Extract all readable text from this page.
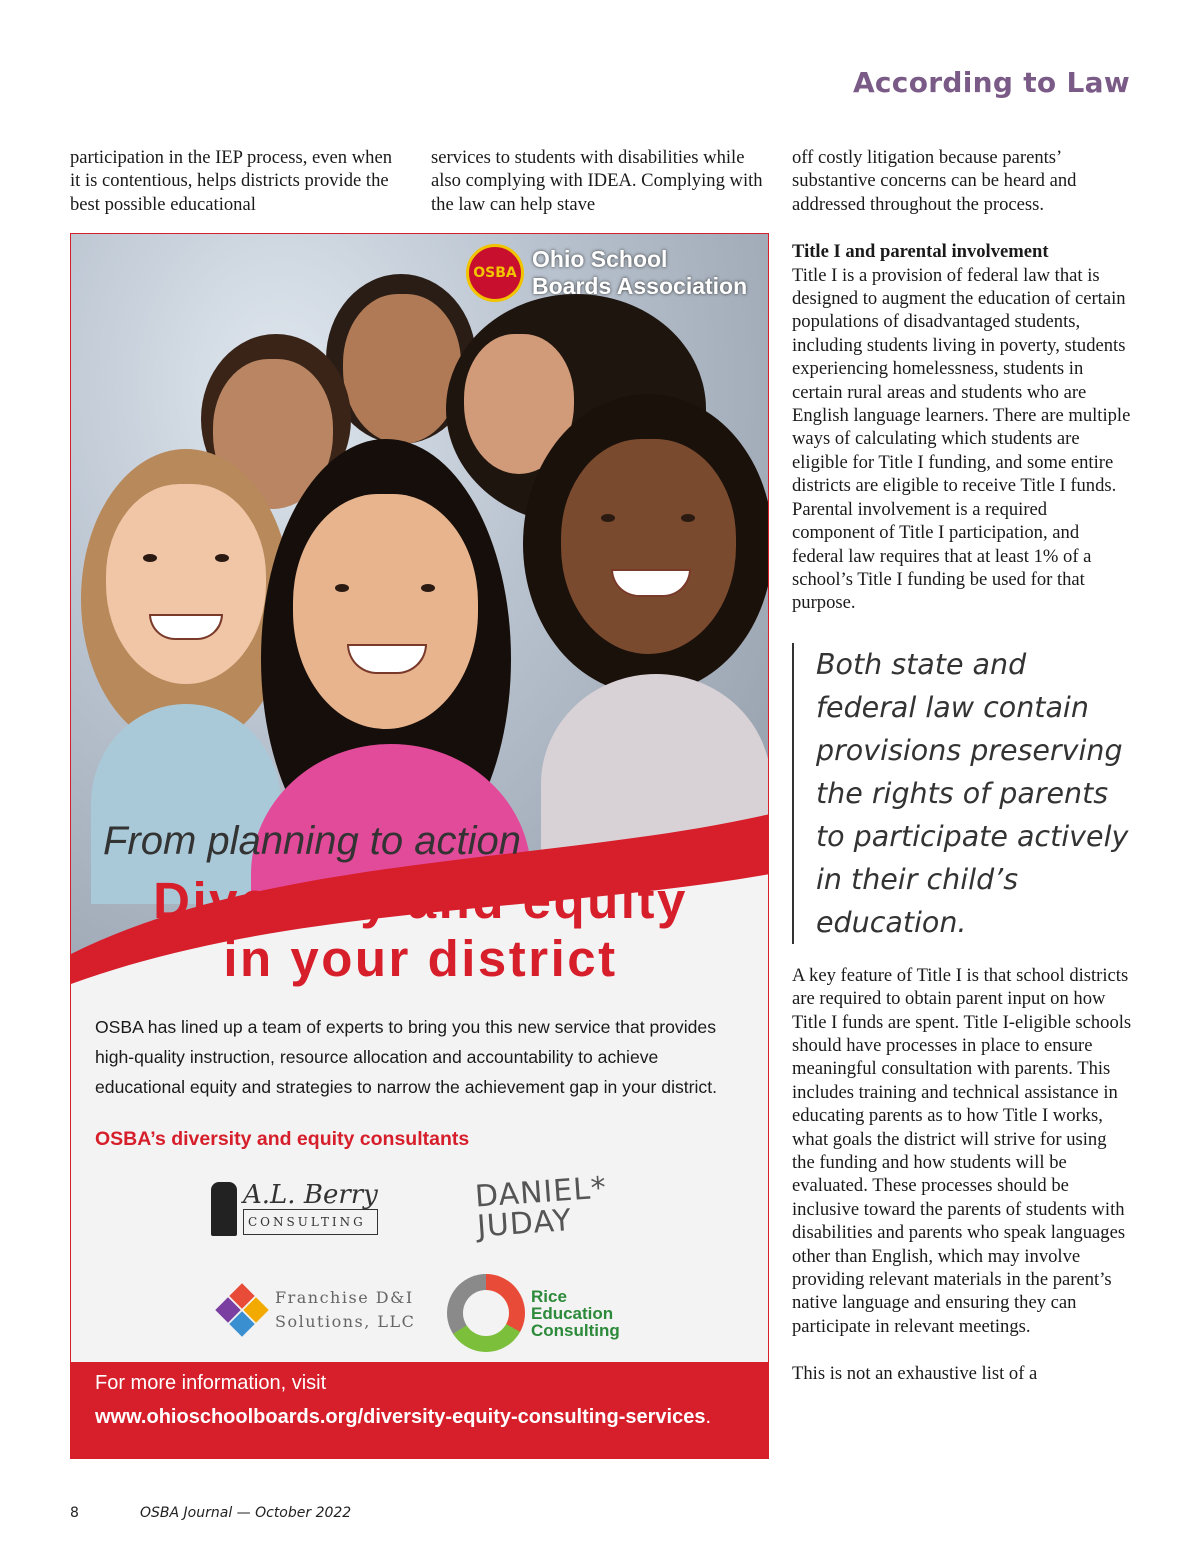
According to Law

participation in the IEP process, even when it is contentious, helps districts provide the best possible educational

services to students with disabilities while also complying with IDEA. Complying with the law can help stave

off costly litigation because parents’ substantive concerns can be heard and addressed throughout the process.

Title I and parental involvement

Title I is a provision of federal law that is designed to augment the education of certain populations of disadvantaged students, including students living in poverty, students experiencing homelessness, students in certain rural areas and students who are English language learners. There are multiple ways of calculating which students are eligible for Title I funding, and some entire districts are eligible to receive Title I funds. Parental involvement is a required component of Title I participation, and federal law requires that at least 1% of a school’s Title I funding be used for that purpose.

Both state and federal law contain provisions preserving the rights of parents to participate actively in their child’s education.

A key feature of Title I is that school districts are required to obtain parent input on how Title I funds are spent. Title I-eligible schools should have processes in place to ensure meaningful consultation with parents. This includes training and technical assistance in educating parents as to how Title I works, what goals the district will strive for using the funding and how students will be evaluated. These processes should be inclusive toward the parents of students with disabilities and parents who speak languages other than English, which may involve providing relevant materials in the parent’s native language and ensuring they can participate in relevant meetings.

This is not an exhaustive list of a

OSBA
Ohio School
Boards Association
From planning to action
Diversity and equity
in your district
OSBA has lined up a team of experts to bring you this new service that provides high-quality instruction, resource allocation and accountability to achieve educational equity and strategies to narrow the achievement gap in your district.
OSBA’s diversity and equity consultants
A.L. Berry
CONSULTING
DANIEL*
JUDAY
Franchise D&I
Solutions, LLC
Rice
Education
Consulting
For more information, visit
www.ohioschoolboards.org/diversity-equity-consulting-services.
8	OSBA Journal — October 2022
